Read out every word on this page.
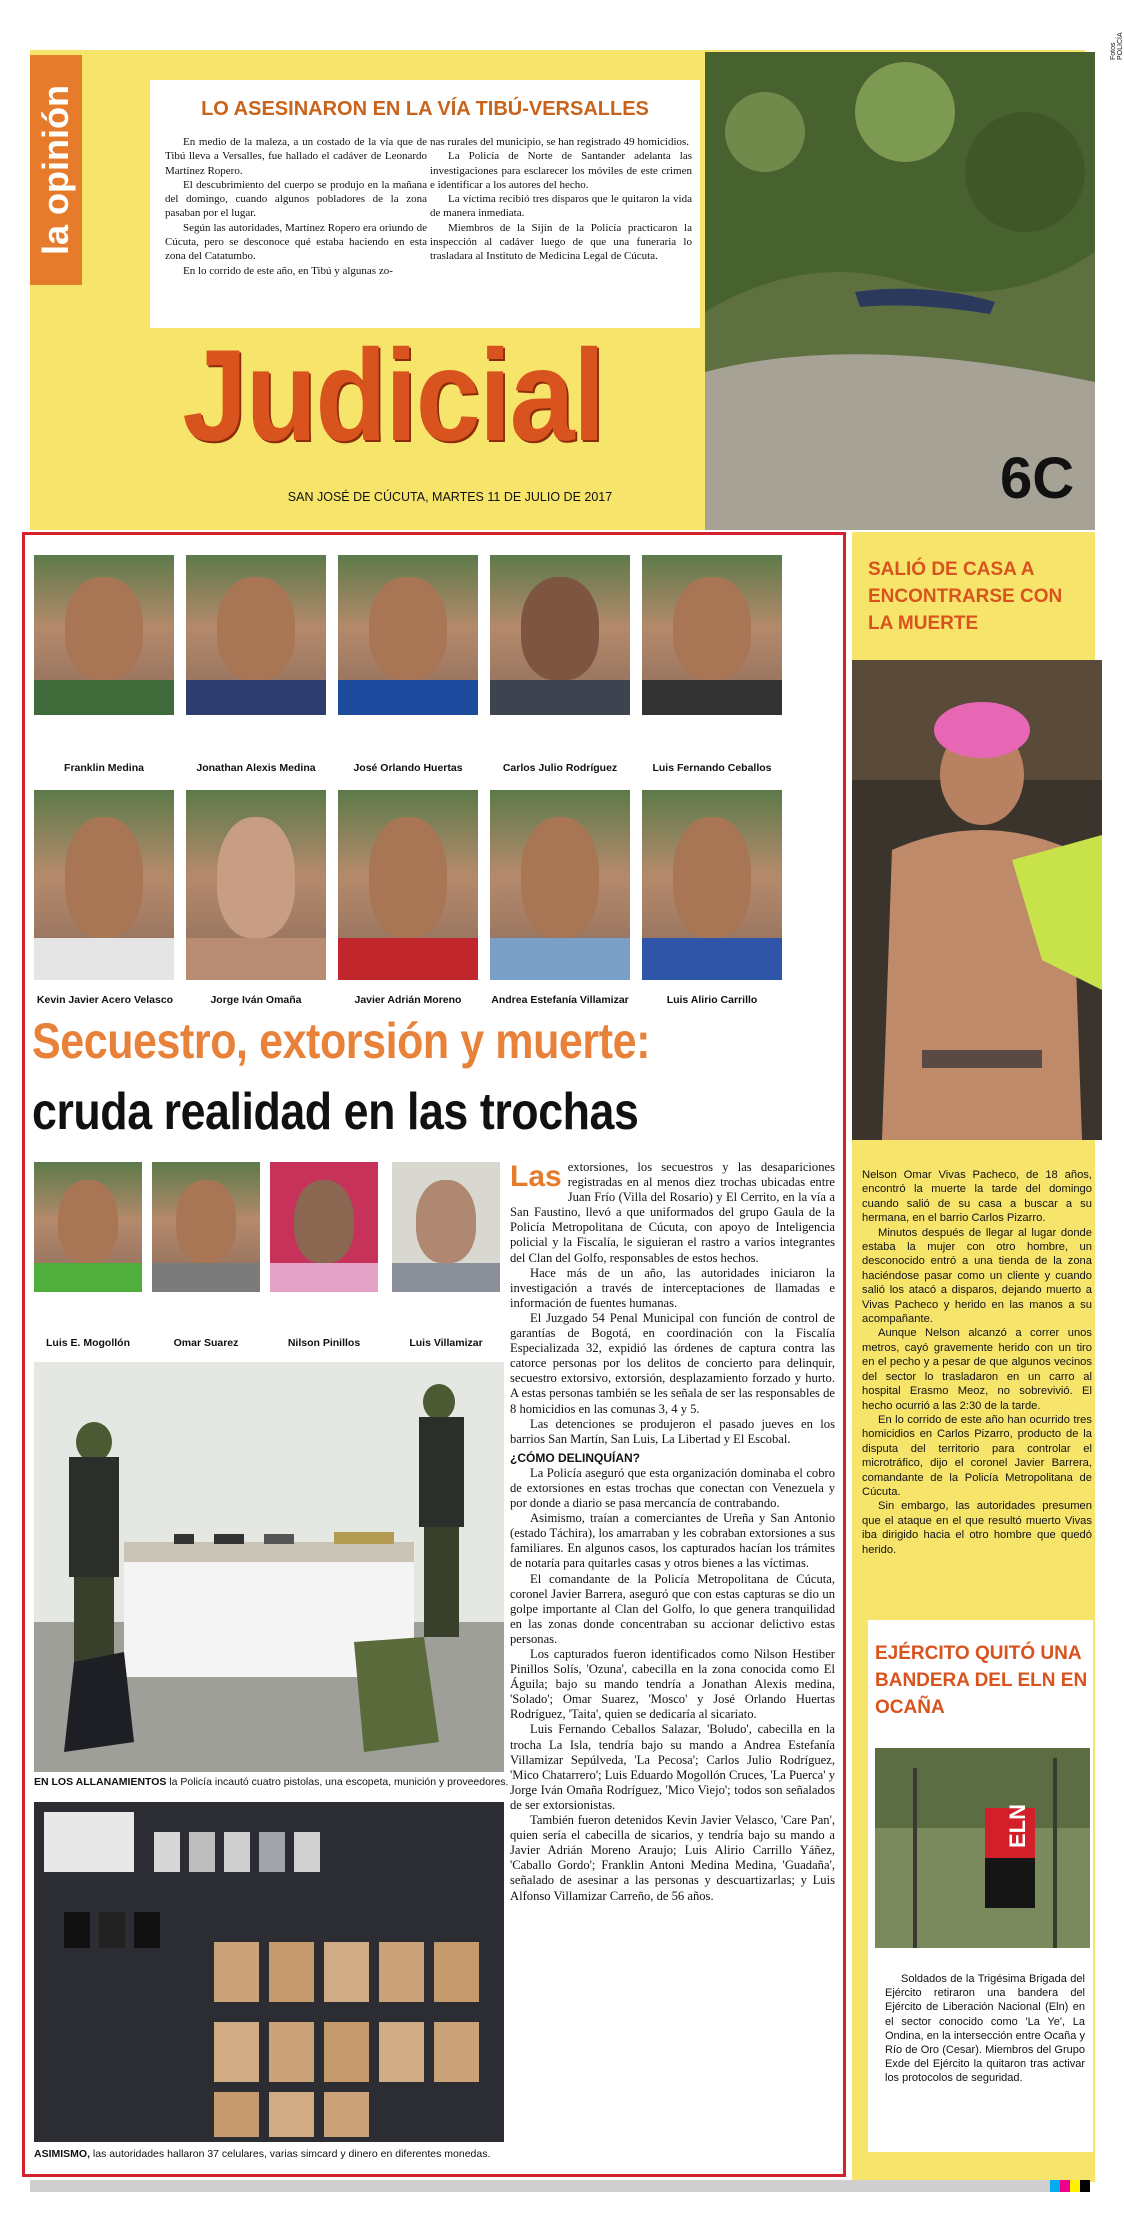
la opinión	LO ASESINARON EN LA VÍA TIBÚ-VERSALLES

En medio de la maleza, a un costado de la vía que de Tibú lleva a Versalles, fue hallado el cadáver de Leonardo Martínez Ropero.

El descubrimiento del cuerpo se produjo en la mañana del domingo, cuando algunos pobladores de la zona pasaban por el lugar.

Según las autoridades, Martínez Ropero era oriundo de Cúcuta, pero se desconoce qué estaba haciendo en esta zona del Catatumbo.

En lo corrido de este año, en Tibú y algunas zo-

nas rurales del municipio, se han registrado 49 homicidios.

La Policía de Norte de Santander adelanta las investigaciones para esclarecer los móviles de este crimen e identificar a los autores del hecho.

La víctima recibió tres disparos que le quitaron la vida de manera inmediata.

Miembros de la Sijín de la Policía practicaron la inspección al cadáver luego de que una funeraria lo trasladara al Instituto de Medicina Legal de Cúcuta.

Judicial
SAN JOSÉ DE CÚCUTA, MARTES 11 DE JULIO DE 2017	6C
Franklin Medina	Jonathan Alexis Medina	José Orlando Huertas	Carlos Julio Rodríguez	Luis Fernando Ceballos
Kevin Javier Acero Velasco	Jorge Iván Omaña	Javier Adrián Moreno	Andrea Estefanía Villamizar	Luis Alirio Carrillo
Secuestro, extorsión y muerte:
cruda realidad en las trochas
Luis E. Mogollón	Omar Suarez	Nilson Pinillos	Luis Villamizar

Las extorsiones, los secuestros y las desapariciones registradas en al menos diez trochas ubicadas entre Juan Frío (Villa del Rosario) y El Cerrito, en la vía a San Faustino, llevó a que uniformados del grupo Gaula de la Policía Metropolitana de Cúcuta, con apoyo de Inteligencia policial y la Fiscalía, le siguieran el rastro a varios integrantes del Clan del Golfo, responsables de estos hechos.

Hace más de un año, las autoridades iniciaron la investigación a través de interceptaciones de llamadas e información de fuentes humanas.

El Juzgado 54 Penal Municipal con función de control de garantías de Bogotá, en coordinación con la Fiscalía Especializada 32, expidió las órdenes de captura contra las catorce personas por los delitos de concierto para delinquir, secuestro extorsivo, extorsión, desplazamiento forzado y hurto. A estas personas también se les señala de ser las responsables de 8 homicidios en las comunas 3, 4 y 5.

Las detenciones se produjeron el pasado jueves en los barrios San Martín, San Luis, La Libertad y El Escobal.

¿CÓMO DELINQUÍAN?

La Policía aseguró que esta organización dominaba el cobro de extorsiones en estas trochas que conectan con Venezuela y por donde a diario se pasa mercancía de contrabando.

Asimismo, traían a comerciantes de Ureña y San Antonio (estado Táchira), los amarraban y les cobraban extorsiones a sus familiares. En algunos casos, los capturados hacían los trámites de notaría para quitarles casas y otros bienes a las víctimas.

El comandante de la Policía Metropolitana de Cúcuta, coronel Javier Barrera, aseguró que con estas capturas se dio un golpe importante al Clan del Golfo, lo que genera tranquilidad en las zonas donde concentraban su accionar delictivo estas personas.

Los capturados fueron identificados como Nilson Hestiber Pinillos Solís, 'Ozuna', cabecilla en la zona conocida como El Águila; bajo su mando tendría a Jonathan Alexis medina, 'Solado'; Omar Suarez, 'Mosco' y José Orlando Huertas Rodríguez, 'Taita', quien se dedicaría al sicariato.

Luis Fernando Ceballos Salazar, 'Boludo', cabecilla en la trocha La Isla, tendría bajo su mando a Andrea Estefanía Villamizar Sepúlveda, 'La Pecosa'; Carlos Julio Rodríguez, 'Mico Chatarrero'; Luis Eduardo Mogollón Cruces, 'La Puerca' y Jorge Iván Omaña Rodríguez, 'Mico Viejo'; todos son señalados de ser extorsionistas.

También fueron detenidos Kevin Javier Velasco, 'Care Pan', quien sería el cabecilla de sicarios, y tendría bajo su mando a Javier Adrián Moreno Araujo; Luis Alirio Carrillo Yáñez, 'Caballo Gordo'; Franklin Antoni Medina Medina, 'Guadaña', señalado de asesinar a las personas y descuartizarlas; y Luis Alfonso Villamizar Carreño, de 56 años.

EN LOS ALLANAMIENTOS la Policía incautó cuatro pistolas, una escopeta, munición y proveedores.
ASIMISMO, las autoridades hallaron 37 celulares, varias simcard y dinero en diferentes monedas.
SALIÓ DE CASA A ENCONTRARSE CON LA MUERTE

Nelson Omar Vivas Pacheco, de 18 años, encontró la muerte la tarde del domingo cuando salió de su casa a buscar a su hermana, en el barrio Carlos Pizarro.

Minutos después de llegar al lugar donde estaba la mujer con otro hombre, un desconocido entró a una tienda de la zona haciéndose pasar como un cliente y cuando salió los atacó a disparos, dejando muerto a Vivas Pacheco y herido en las manos a su acompañante.

Aunque Nelson alcanzó a correr unos metros, cayó gravemente herido con un tiro en el pecho y a pesar de que algunos vecinos del sector lo trasladaron en un carro al hospital Erasmo Meoz, no sobrevivió. El hecho ocurrió a las 2:30 de la tarde.

En lo corrido de este año han ocurrido tres homicidios en Carlos Pizarro, producto de la disputa del territorio para controlar el microtráfico, dijo el coronel Javier Barrera, comandante de la Policía Metropolitana de Cúcuta.

Sin embargo, las autoridades presumen que el ataque en el que resultó muerto Vivas iba dirigido hacia el otro hombre que quedó herido.

EJÉRCITO QUITÓ UNA BANDERA DEL ELN EN OCAÑA
ELN

Soldados de la Trigésima Brigada del Ejército retiraron una bandera del Ejército de Liberación Nacional (Eln) en el sector conocido como 'La Ye', La Ondina, en la intersección entre Ocaña y Río de Oro (Cesar). Miembros del Grupo Exde del Ejército la quitaron tras activar los protocolos de seguridad.

Fotos POLICÍA
